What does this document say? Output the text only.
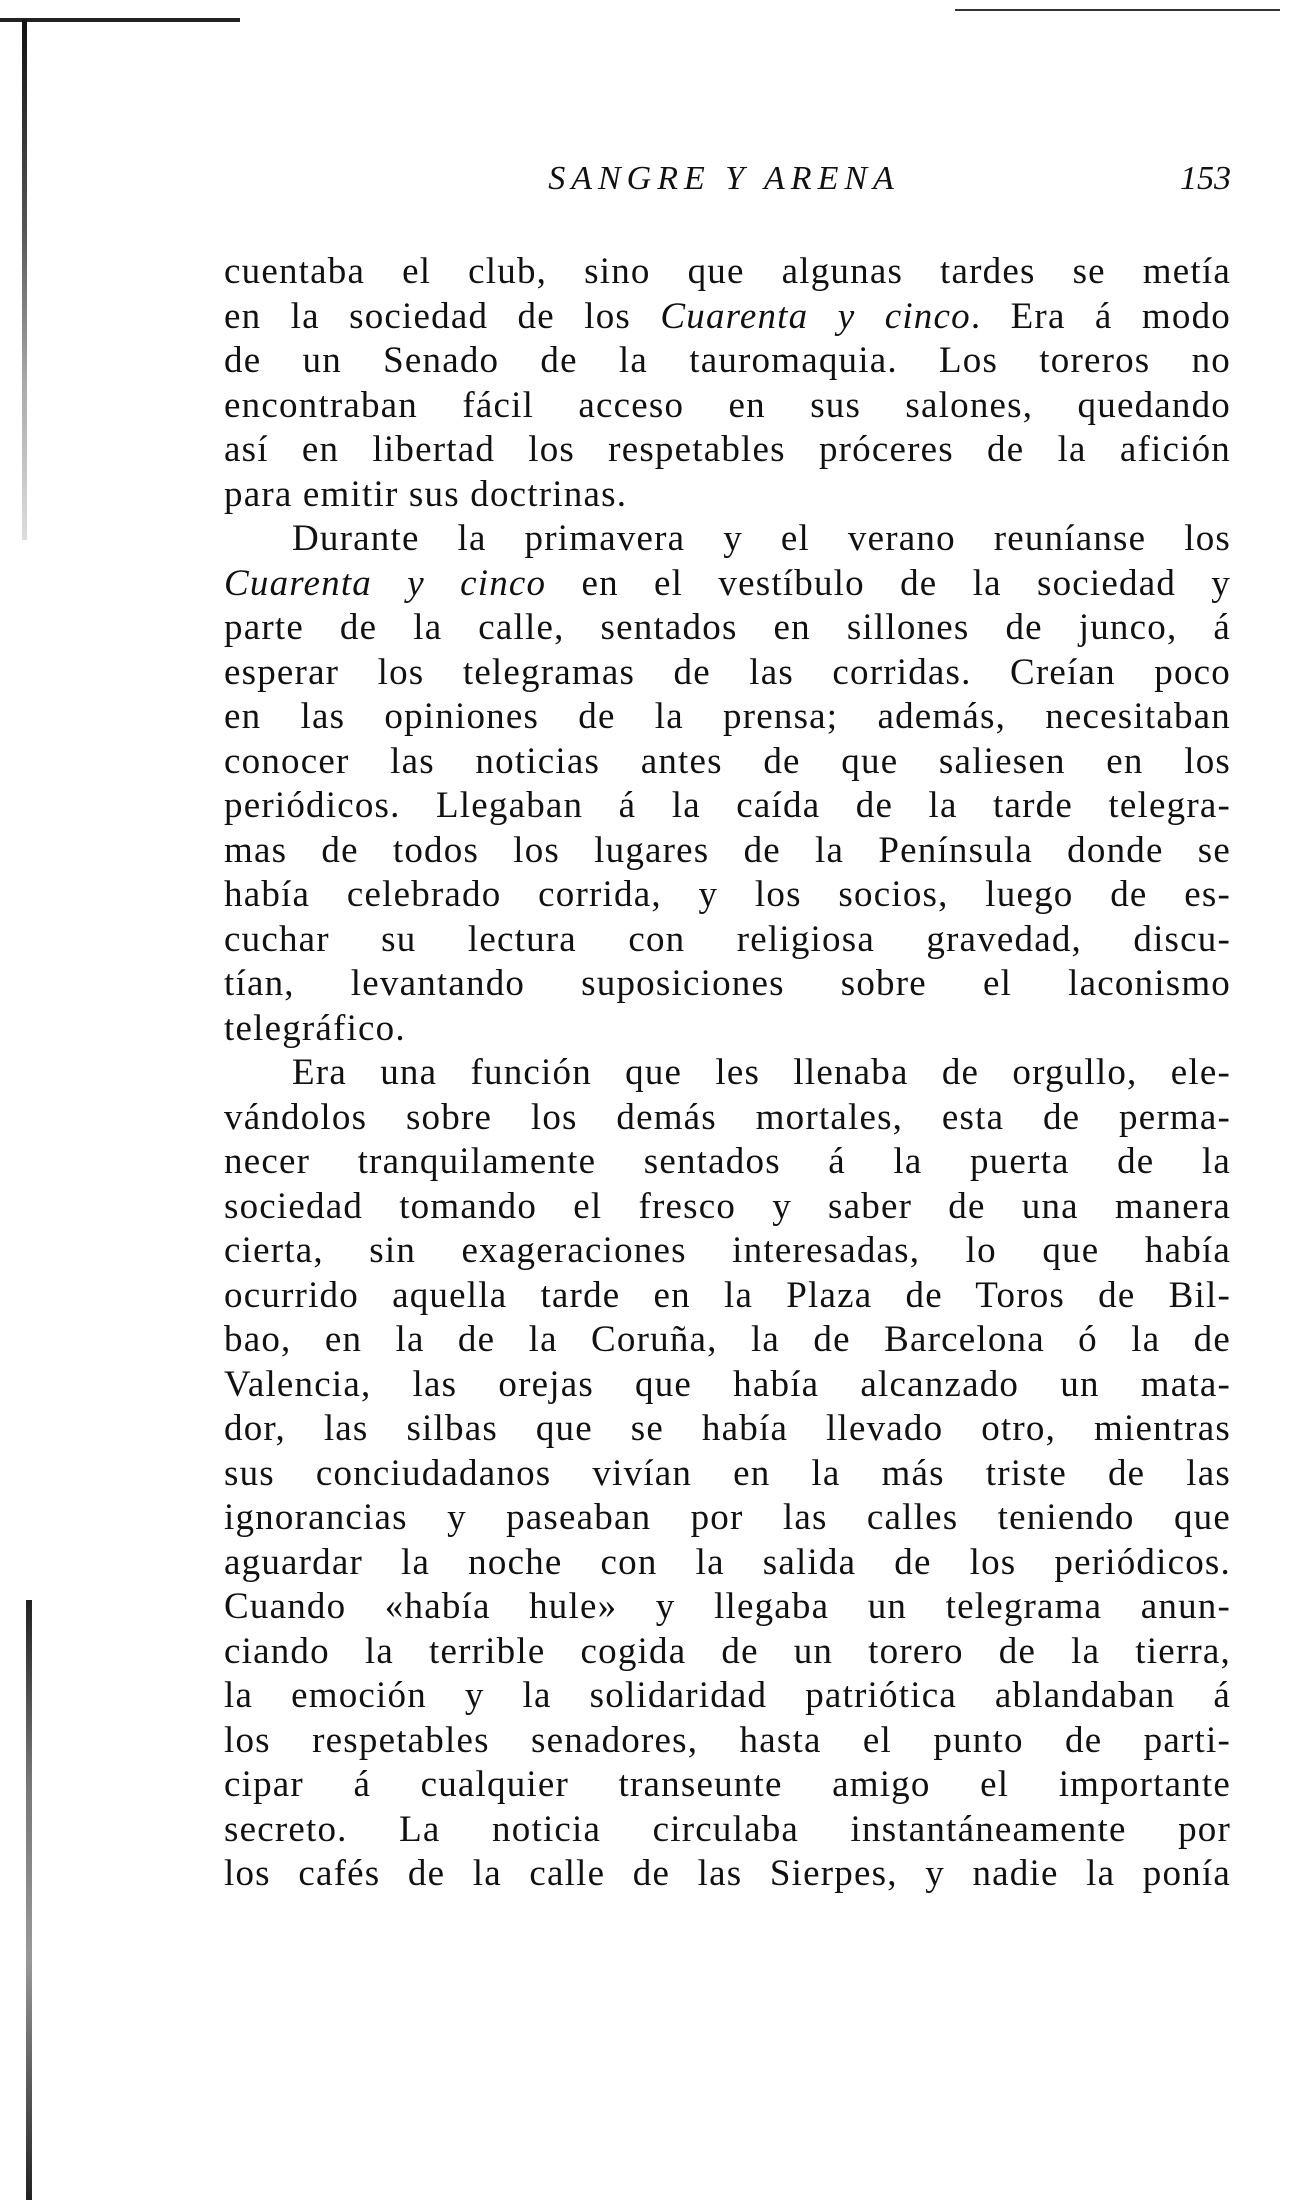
SANGRE Y ARENA	153
cuentaba el club, sino que algunas tardes se metía
en la sociedad de los Cuarenta y cinco. Era á modo
de un Senado de la tauromaquia. Los toreros no
encontraban fácil acceso en sus salones, quedando
así en libertad los respetables próceres de la afición
para emitir sus doctrinas.
Durante la primavera y el verano reuníanse los
Cuarenta y cinco en el vestíbulo de la sociedad y
parte de la calle, sentados en sillones de junco, á
esperar los telegramas de las corridas. Creían poco
en las opiniones de la prensa; además, necesitaban
conocer las noticias antes de que saliesen en los
periódicos. Llegaban á la caída de la tarde telegra-
mas de todos los lugares de la Península donde se
había celebrado corrida, y los socios, luego de es-
cuchar su lectura con religiosa gravedad, discu-
tían, levantando suposiciones sobre el laconismo
telegráfico.
Era una función que les llenaba de orgullo, ele-
vándolos sobre los demás mortales, esta de perma-
necer tranquilamente sentados á la puerta de la
sociedad tomando el fresco y saber de una manera
cierta, sin exageraciones interesadas, lo que había
ocurrido aquella tarde en la Plaza de Toros de Bil-
bao, en la de la Coruña, la de Barcelona ó la de
Valencia, las orejas que había alcanzado un mata-
dor, las silbas que se había llevado otro, mientras
sus conciudadanos vivían en la más triste de las
ignorancias y paseaban por las calles teniendo que
aguardar la noche con la salida de los periódicos.
Cuando «había hule» y llegaba un telegrama anun-
ciando la terrible cogida de un torero de la tierra,
la emoción y la solidaridad patriótica ablandaban á
los respetables senadores, hasta el punto de parti-
cipar á cualquier transeunte amigo el importante
secreto. La noticia circulaba instantáneamente por
los cafés de la calle de las Sierpes, y nadie la ponía
